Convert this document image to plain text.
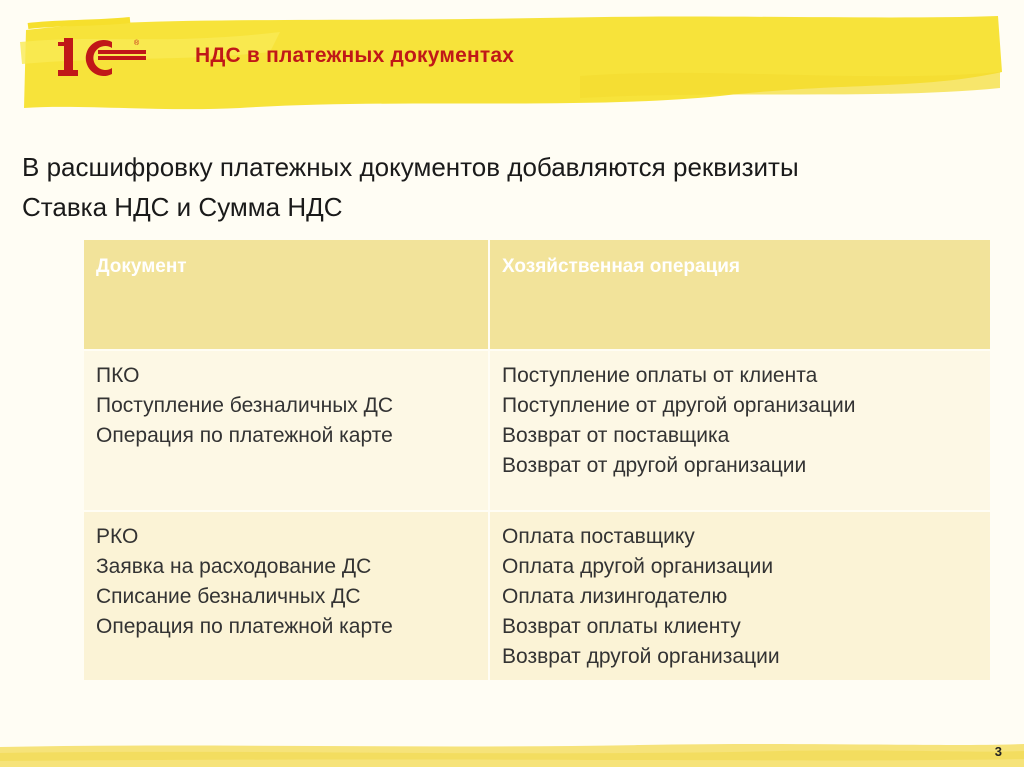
®
НДС в платежных документах
В расшифровку платежных документов добавляются реквизиты
Ставка НДС и Сумма НДС
Документ	Хозяйственная операция
ПКО
Поступление безналичных ДС
Операция по платежной карте
Поступление оплаты от клиента
Поступление от другой организации
Возврат от поставщика
Возврат от другой организации
РКО
Заявка на расходование ДС
Списание безналичных ДС
Операция по платежной карте
Оплата поставщику
Оплата другой организации
Оплата лизингодателю
Возврат оплаты клиенту
Возврат другой организации
3
